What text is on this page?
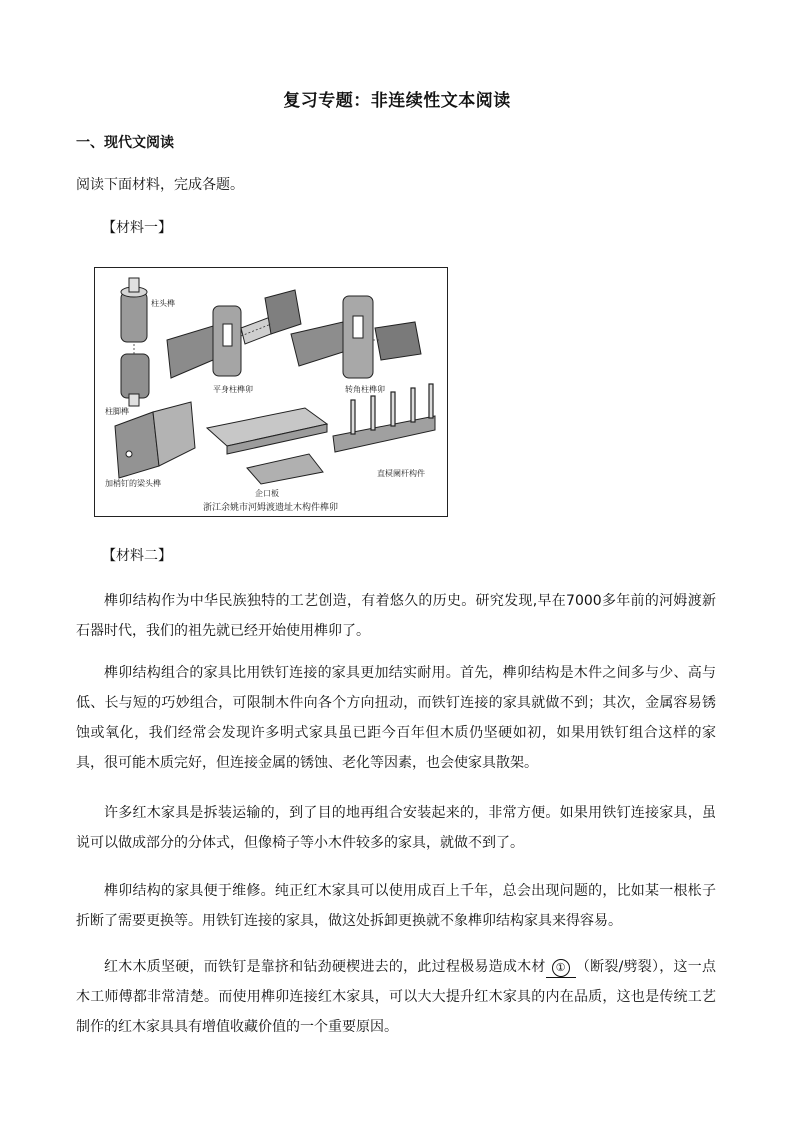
复习专题：非连续性文本阅读
一、现代文阅读
阅读下面材料，完成各题。
【材料一】
柱头榫
柱脚榫
平身柱榫卯	转角柱榫卯
加梢钉的梁头榫
企口板
直棂阑杆构件
浙江余姚市河姆渡遗址木构件榫卯
【材料二】

榫卯结构作为中华民族独特的工艺创造，有着悠久的历史。研究发现,早在7000多年前的河姆渡新石器时代，我们的祖先就已经开始使用榫卯了。

榫卯结构组合的家具比用铁钉连接的家具更加结实耐用。首先，榫卯结构是木件之间多与少、高与低、长与短的巧妙组合，可限制木件向各个方向扭动，而铁钉连接的家具就做不到；其次，金属容易锈蚀或氧化，我们经常会发现许多明式家具虽已距今百年但木质仍坚硬如初，如果用铁钉组合这样的家具，很可能木质完好，但连接金属的锈蚀、老化等因素，也会使家具散架。

许多红木家具是拆装运输的，到了目的地再组合安装起来的，非常方便。如果用铁钉连接家具，虽说可以做成部分的分体式，但像椅子等小木件较多的家具，就做不到了。

榫卯结构的家具便于维修。纯正红木家具可以使用成百上千年，总会出现问题的，比如某一根枨子折断了需要更换等。用铁钉连接的家具，做这处拆卸更换就不象榫卯结构家具来得容易。

红木木质坚硬，而铁钉是靠挤和钻劲硬楔进去的，此过程极易造成木材 ① （断裂/劈裂），这一点木工师傅都非常清楚。而使用榫卯连接红木家具，可以大大提升红木家具的内在品质，这也是传统工艺制作的红木家具具有增值收藏价值的一个重要原因。
